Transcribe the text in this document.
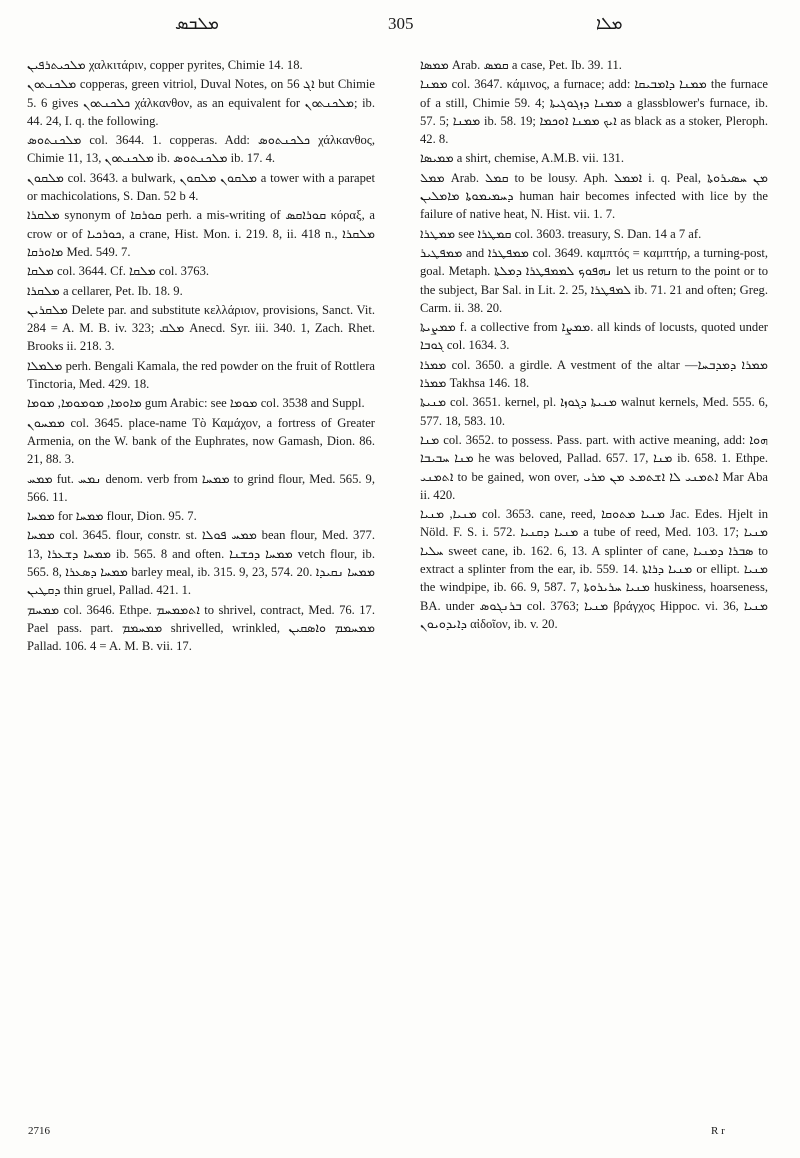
ܡܠܒܣ	305	ܡܠܐ

ܡܠܟܝܬܪܦܝܢ χαλκιτάριν, copper pyrites, Chimie 14. 18.

ܡܠܟܢܬܘܢ copperas, green vitriol, Duval Notes, on ܐܓ 56 but Chimie 5. 6 gives ܟܠܟܢܬܘܢ χάλκανθον, as an equivalent for ܡܠܟܢܬܘܢ; ib. 44. 24, I. q. the following.

ܡܠܟܢܬܘܣ col. 3644. 1. copperas. Add: ܟܠܟܢܬܘܣ χάλκανθος, Chimie 11, 13, ܡܠܟܢܬܘܢ ib. ܡܠܟܢܬܘܣ ib. 17. 4.

ܡܠܩܘܢ col. 3643. a bulwark, ܡܠܩܘܢ ܡܠܩܘܢ a tower with a parapet or machicolations, S. Dan. 52 b 4.

ܡܠܩܪܐ synonym of ܩܘܪܩܐ perh. a mis-writing of ܩܘܪܐܩܣ κόραξ, a crow or of ܟܘܪܟܝܐ, a crane, Hist. Mon. i. 219. 8, ii. 418 n., ܡܠܩܪܐ ܡܐܘܪܩܐ Med. 549. 7.

ܡܠܩܐ col. 3644. Cf. ܡܠܩܐ col. 3763.

ܡܠܩܪܐ a cellarer, Pet. Ib. 18. 9.

ܡܠܩܪܝܢ Delete par. and substitute κελλάριον, provisions, Sanct. Vit. 284 = A. M. B. iv. 323; ܡܠܩ Anecd. Syr. iii. 340. 1, Zach. Rhet. Brooks ii. 218. 3.

ܡܠܡܠܐ perh. Bengali Kamala, the red powder on the fruit of Rottlera Tinctoria, Med. 429. 18.

ܡܐܘܡܐ, ܡܘܡܘܡܐ, ܡܘܡܐ gum Arabic: see ܡܘܡܐ col. 3538 and Suppl.

ܡܡܚܘܢ col. 3645. place-name Τὸ Καμάχον, a fortress of Greater Armenia, on the W. bank of the Euphrates, now Gamash, Dion. 86. 21, 88. 3.

ܡܡܚ fut. ܢܡܚ denom. verb from ܡܡܚܐ to grind flour, Med. 565. 9, 566. 11.

ܡܡܚܐ for ܡܡܚܐ flour, Dion. 95. 7.

ܡܡܚܐ col. 3645. flour, constr. st. ܡܡܚ ܦܘܠܐ bean flour, Med. 377. 13, ܡܡܚܐ ܕܫܥܪܐ ib. 565. 8 and often. ܡܡܚܐ ܕܟܫܢܐ vetch flour, ib. 565. 8, ܡܡܚܐ ܕܣܥܪܐ barley meal, ib. 315. 9, 23, 574. 20. ܡܡܚܐ ܢܩܝܕܐ ܕܩܛܝܢ thin gruel, Pallad. 421. 1.

ܡܡܚܡ col. 3646. Ethpe. ܐܬܡܡܚܡ to shrivel, contract, Med. 76. 17. Pael pass. part. ܡܡܚܡܡ shrivelled, wrinkled, ܡܡܚܡܡ ܘܐܣܩܝܢ Pallad. 106. 4 = A. M. B. vii. 17.

ܡܡܣܐ Arab. ܩܡܣ a case, Pet. Ib. 39. 11.

ܡܡܢܐ col. 3647. κάμινος, a furnace; add: ܡܡܢܐ ܕܐܡܒܝܩܐ the furnace of a still, Chimie 59. 4; ܡܡܢܐ ܕܙܓܘܓܝܬܐ a glassblower's furnace, ib. 57. 5; ܡܡܢܐ ib. 58. 19; ܐܝܟ ܡܡܢܐ ܐܘܟܡܐ as black as a stoker, Pleroph. 42. 8.

ܡܡܝܣܐ a shirt, chemise, A.M.B. vii. 131.

ܡܡܠ Arab. ܩܡܠ to be lousy. Aph. ܐܡܡܠ i. q. Peal, ܡܢ ܚܣܝܪܘܬܐ ܕܚܡܝܡܘܬܐ ܡܐܡܠܝܢ human hair becomes infected with lice by the failure of native heat, N. Hist. vii. 1. 7.

ܡܡܛܪܐ see ܩܡܛܪܐ col. 3603. treasury, S. Dan. 14 a 7 af.

ܡܡܦܛܝܪ and ܡܡܦܛܪܐ col. 3649. καμπτός = καμπτήρ, a turning-post, goal. Metaph. ܢܗܦܘܟ ܠܡܡܦܛܪܐ ܕܡܠܬܐ let us return to the point or to the subject, Bar Sal. in Lit. 2. 25, ܠܡܦܛܪܐ ib. 71. 21 and often; Greg. Carm. ii. 38. 20.

ܡܡܨܝܬܐ f. a collective from ܡܡܨܐ. all kinds of locusts, quoted under ܓܘܒܐ col. 1634. 3.

ܡܡܪܐ col. 3650. a girdle. A vestment of the altar ܡܡܪܐ ܕܡܕܒܚܐ—ܡܡܪܐ Takhsa 146. 18.

ܡܢܝܬܐ col. 3651. kernel, pl. ܡܢܝܬܐ ܕܓܘܙܐ walnut kernels, Med. 555. 6, 577. 18, 583. 10.

ܡܢܐ col. 3652. to possess. Pass. part. with active meaning, add: ܗܘܐ ܡܢܐ ܚܒܝܒܐ he was beloved, Pallad. 657. 17, ܡܢܐ ib. 658. 1. Ethpe. ܐܬܡܢܝ to be gained, won over, ܐܬܡܢܝ ܠܐ ܐܫܬܡܥ ܡܢ ܡܪܝ Mar Aba ii. 420.

ܡܢܝܐ, ܡܢܝܐ col. 3653. cane, reed, ܡܢܝܐ ܡܬܘܩܐ Jac. Edes. Hjelt in Nöld. F. S. i. 572. ܡܢܝܐ ܕܩܢܝܐ a tube of reed, Med. 103. 17; ܡܢܝܐ ܚܠܝܐ sweet cane, ib. 162. 6, 13. A splinter of cane, ܣܒܪܐ ܕܡܢܝܐ to extract a splinter from the ear, ib. 559. 14. ܡܢܝܐ ܕܪܐܬܐ or ellipt. ܡܢܝܐ the windpipe, ib. 66. 9, 587. 7, ܡܢܝܐ ܚܪܝܪܘܬܐ huskiness, hoarseness, BA. under ܒܪܢܓܘܣ col. 3763; ܡܢܝܐ βράγχος Hippoc. vi. 36, ܡܢܝܐ ܕܐܝܕܘܝܘܢ αἰδοῖον, ib. v. 20.

2716	R r
